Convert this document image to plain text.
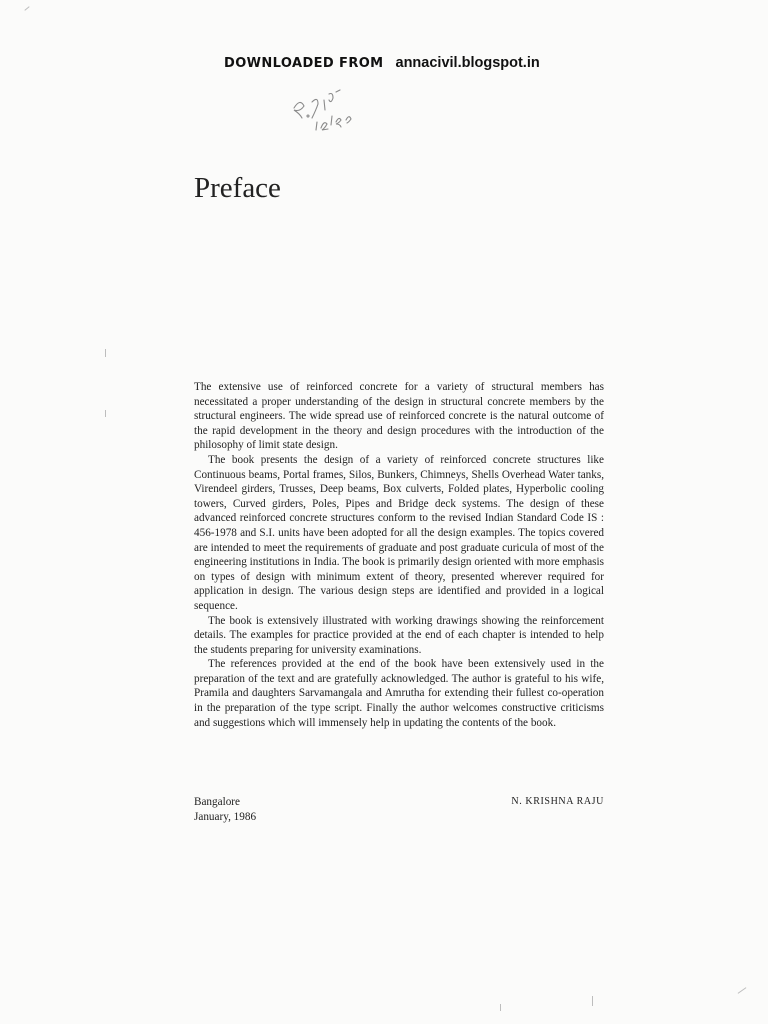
DOWNLOADED FROM annacivil.blogspot.in
Preface

The extensive use of reinforced concrete for a variety of structural members has necessitated a proper understanding of the design in structural concrete members by the structural engineers. The wide spread use of reinforced concrete is the natural outcome of the rapid development in the theory and design procedures with the introduction of the philosophy of limit state design.

The book presents the design of a variety of reinforced concrete structures like Continuous beams, Portal frames, Silos, Bunkers, Chimneys, Shells Overhead Water tanks, Virendeel girders, Trusses, Deep beams, Box culverts, Folded plates, Hyperbolic cooling towers, Curved girders, Poles, Pipes and Bridge deck systems. The design of these advanced reinforced concrete structures conform to the revised Indian Standard Code IS : 456-1978 and S.I. units have been adopted for all the design examples. The topics covered are intended to meet the requirements of graduate and post graduate curicula of most of the engineering institutions in India. The book is primarily design oriented with more emphasis on types of design with minimum extent of theory, presented wherever required for application in design. The various design steps are identified and provided in a logical sequence.

The book is extensively illustrated with working drawings showing the reinforcement details. The examples for practice provided at the end of each chapter is intended to help the students preparing for university examinations.

The references provided at the end of the book have been extensively used in the preparation of the text and are gratefully acknowledged. The author is grateful to his wife, Pramila and daughters Sarvamangala and Amrutha for extending their fullest co-operation in the preparation of the type script. Finally the author welcomes constructive criticisms and suggestions which will immensely help in updating the contents of the book.

Bangalore
January, 1986
N. KRISHNA RAJU
